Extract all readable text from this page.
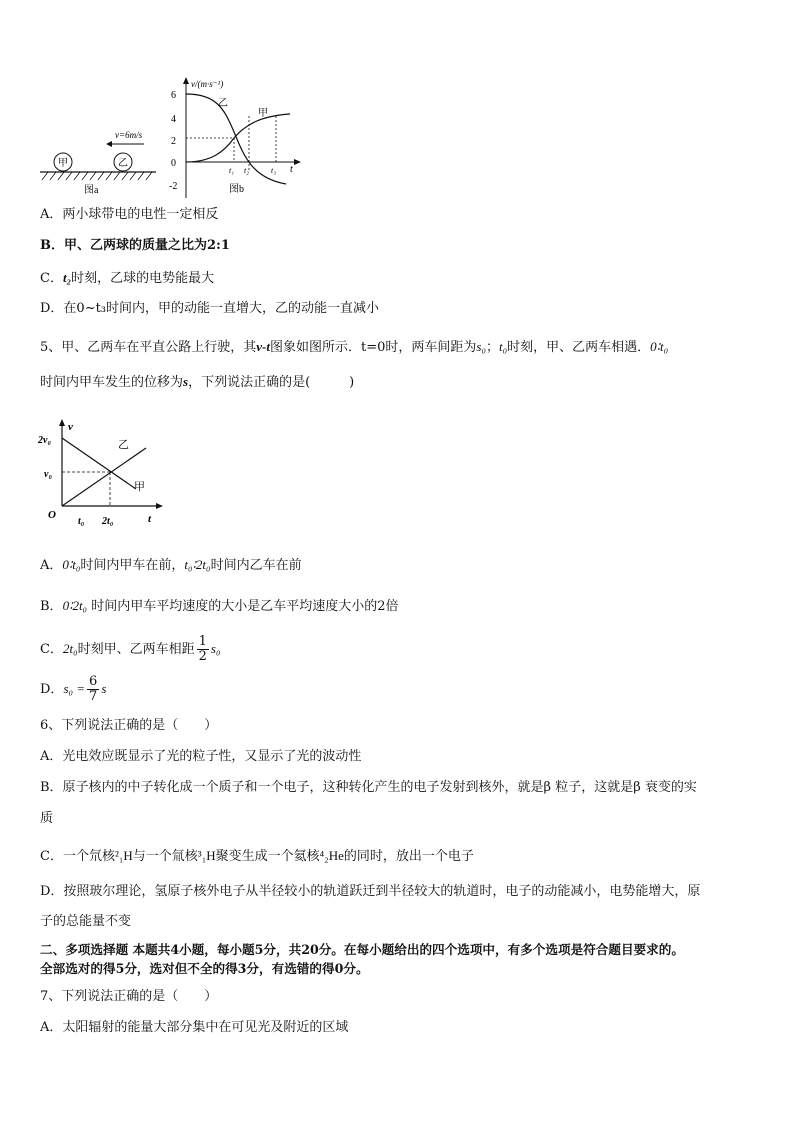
甲	乙
v=6m/s
图a
v/(m·s⁻¹)
t
6
4
2
0
-2
乙
甲
t₁ t₂	t₃
图b
A．两小球带电的电性一定相反
B．甲、乙两球的质量之比为2:1
C．t₂时刻，乙球的电势能最大
D．在0~t₃时间内，甲的动能一直增大，乙的动能一直减小
5、甲、乙两车在平直公路上行驶，其v-t图象如图所示．t=0时，两车间距为s₀；t₀时刻，甲、乙两车相遇．0∶t₀
时间内甲车发生的位移为s，下列说法正确的是(　　　)
v
t
O
2v₀
v₀
t₀ 2t₀
乙
甲
A．0∶t₀时间内甲车在前，t₀∶2t₀时间内乙车在前
B．0∶2t₀ 时间内甲车平均速度的大小是乙车平均速度大小的2倍
C．2t₀时刻甲、乙两车相距 $\frac{1}{2} s_0$
D．$s_0 = \frac{6}{7}$ s
6、下列说法正确的是（　　）
A．光电效应既显示了光的粒子性，又显示了光的波动性
B．原子核内的中子转化成一个质子和一个电子，这种转化产生的电子发射到核外，就是β 粒子，这就是β 衰变的实
质
C．一个氘核²₁H与一个氚核³₁H聚变生成一个氦核⁴₂He的同时，放出一个电子
D．按照玻尔理论，氢原子核外电子从半径较小的轨道跃迁到半径较大的轨道时，电子的动能减小，电势能增大，原
子的总能量不变
二、多项选择题 本题共4小题，每小题5分，共20分。在每小题给出的四个选项中，有多个选项是符合题目要求的。
全部选对的得5分，选对但不全的得3分，有选错的得0分。
7、下列说法正确的是（　　）
A．太阳辐射的能量大部分集中在可见光及附近的区域
